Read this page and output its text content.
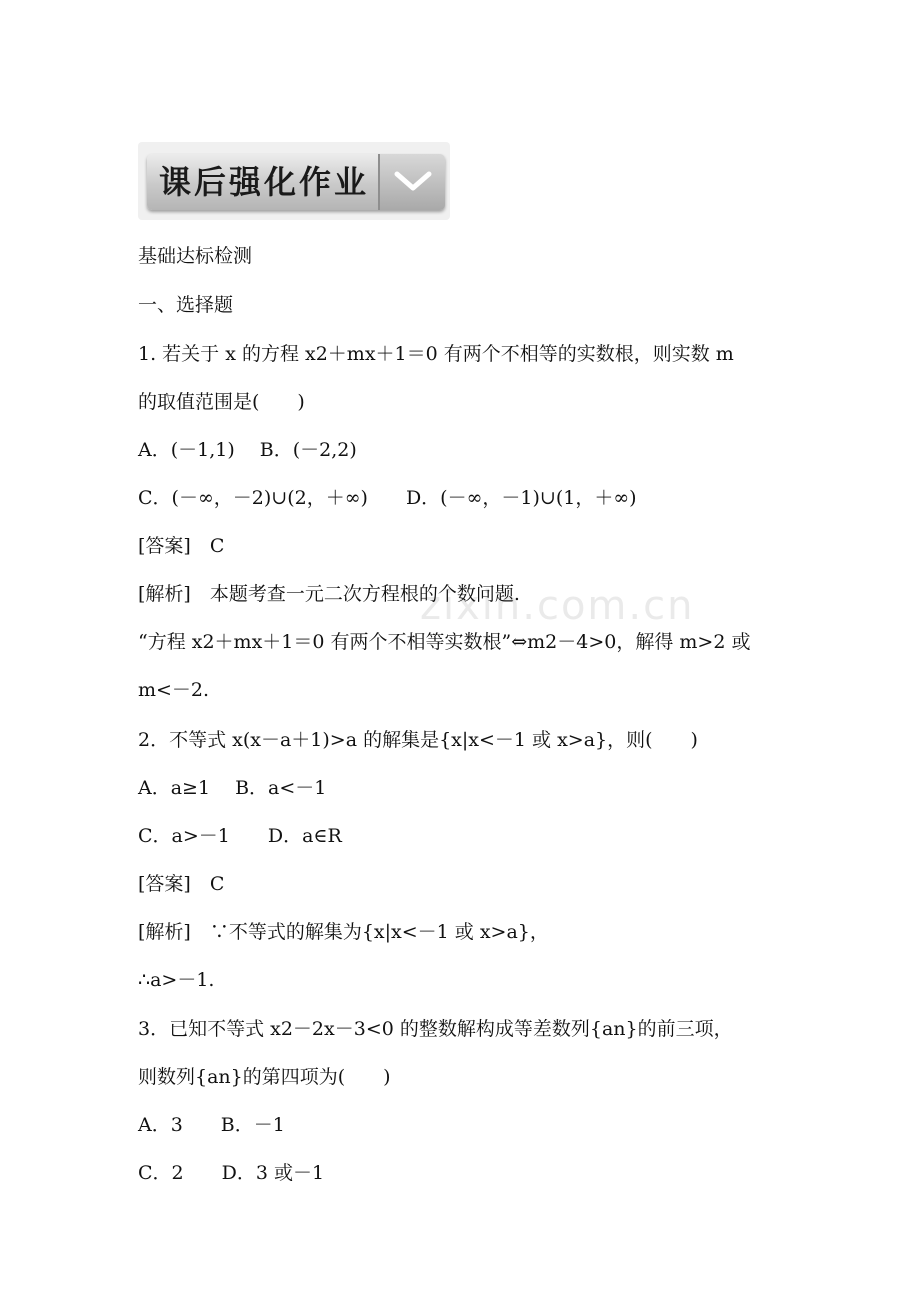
课后强化作业
zixin.com.cn
基础达标检测
一、选择题
1. 若关于 x 的方程 x2＋mx＋1＝0 有两个不相等的实数根，则实数 m
的取值范围是(　　)
A．(－1,1)　 B．(－2,2)
C．(－∞，－2)∪(2，＋∞)　　D．(－∞，－1)∪(1，＋∞)
[答案]　C
[解析]　本题考查一元二次方程根的个数问题.
“方程 x2＋mx＋1＝0 有两个不相等实数根”⇔m2－4>0，解得 m>2 或
m<－2.
2．不等式 x(x－a＋1)>a 的解集是{x|x<－1 或 x>a}，则(　　)
A．a≥1　 B．a<－1
C．a>－1　　D．a∈R
[答案]　C
[解析]　∵不等式的解集为{x|x<－1 或 x>a}，
∴a>－1.
3．已知不等式 x2－2x－3<0 的整数解构成等差数列{an}的前三项，
则数列{an}的第四项为(　　)
A．3　　B．－1
C．2　　D．3 或－1
